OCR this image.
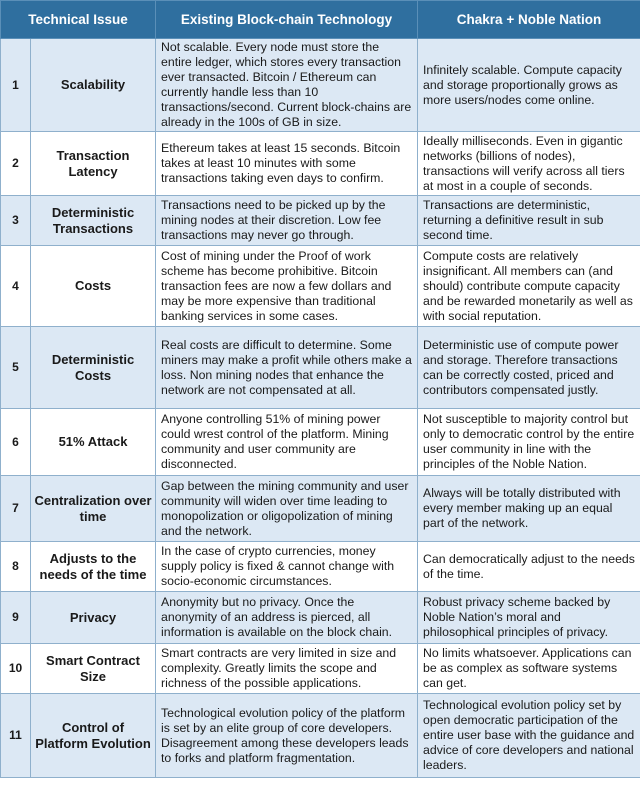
Technical Issue		Existing Block-chain Technology	Chakra + Noble Nation
1	Scalability	Not scalable. Every node must store the entire ledger, which stores every transaction ever transacted. Bitcoin / Ethereum can currently handle less than 10 transactions/second. Current block-chains are already in the 100s of GB in size.	Infinitely scalable. Compute capacity and storage proportionally grows as more users/nodes come online.
2	Transaction Latency	Ethereum takes at least 15 seconds. Bitcoin takes at least 10 minutes with some transactions taking even days to confirm.	Ideally milliseconds. Even in gigantic networks (billions of nodes), transactions will verify across all tiers at most in a couple of seconds.
3	Deterministic Transactions	Transactions need to be picked up by the mining nodes at their discretion. Low fee transactions may never go through.	Transactions are deterministic, returning a definitive result in sub second time.
4	Costs	Cost of mining under the Proof of work scheme has become prohibitive. Bitcoin transaction fees are now a few dollars and may be more expensive than traditional banking services in some cases.	Compute costs are relatively insignificant. All members can (and should) contribute compute capacity and be rewarded monetarily as well as with social reputation.
5	Deterministic Costs	Real costs are difficult to determine. Some miners may make a profit while others make a loss. Non mining nodes that enhance the network are not compensated at all.	Deterministic use of compute power and storage. Therefore transactions can be correctly costed, priced and contributors compensated justly.
6	51% Attack	Anyone controlling 51% of mining power could wrest control of the platform. Mining community and user community are disconnected.	Not susceptible to majority control but only to democratic control by the entire user community in line with the principles of the Noble Nation.
7	Centralization over time	Gap between the mining community and user community will widen over time leading to monopolization or oligopolization of mining and the network.	Always will be totally distributed with every member making up an equal part of the network.
8	Adjusts to the needs of the time	In the case of crypto currencies, money supply policy is fixed & cannot change with socio-economic circumstances.	Can democratically adjust to the needs of the time.
9	Privacy	Anonymity but no privacy. Once the anonymity of an address is pierced, all information is available on the block chain.	Robust privacy scheme backed by Noble Nation’s moral and philosophical principles of privacy.
10	Smart Contract Size	Smart contracts are very limited in size and complexity. Greatly limits the scope and richness of the possible applications.	No limits whatsoever. Applications can be as complex as software systems can get.
11	Control of Platform Evolution	Technological evolution policy of the platform is set by an elite group of core developers. Disagreement among these developers leads to forks and platform fragmentation.	Technological evolution policy set by open democratic participation of the entire user base with the guidance and advice of core developers and national leaders.
